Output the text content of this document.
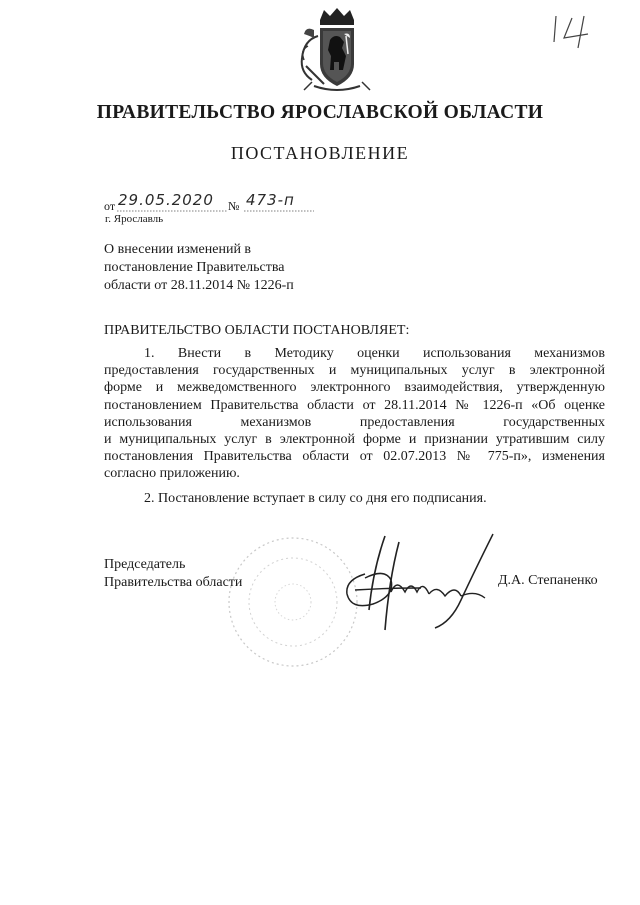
ПРАВИТЕЛЬСТВО ЯРОСЛАВСКОЙ ОБЛАСТИ
ПОСТАНОВЛЕНИЕ
от 29.05.2020 № 473-п
г. Ярославль
О внесении изменений в
постановление Правительства
области от 28.11.2014 № 1226-п
ПРАВИТЕЛЬСТВО ОБЛАСТИ ПОСТАНОВЛЯЕТ:
1. Внести в Методику оценки использования механизмов
предоставления государственных и муниципальных услуг в электронной
форме и межведомственного электронного взаимодействия, утвержденную
постановлением Правительства области от 28.11.2014 № 1226-п «Об оценке
использования механизмов предоставления государственных
и муниципальных услуг в электронной форме и признании утратившим силу
постановления Правительства области от 02.07.2013 № 775-п», изменения
согласно приложению.
2. Постановление вступает в силу со дня его подписания.
Председатель
Правительства области	Д.А. Степаненко
